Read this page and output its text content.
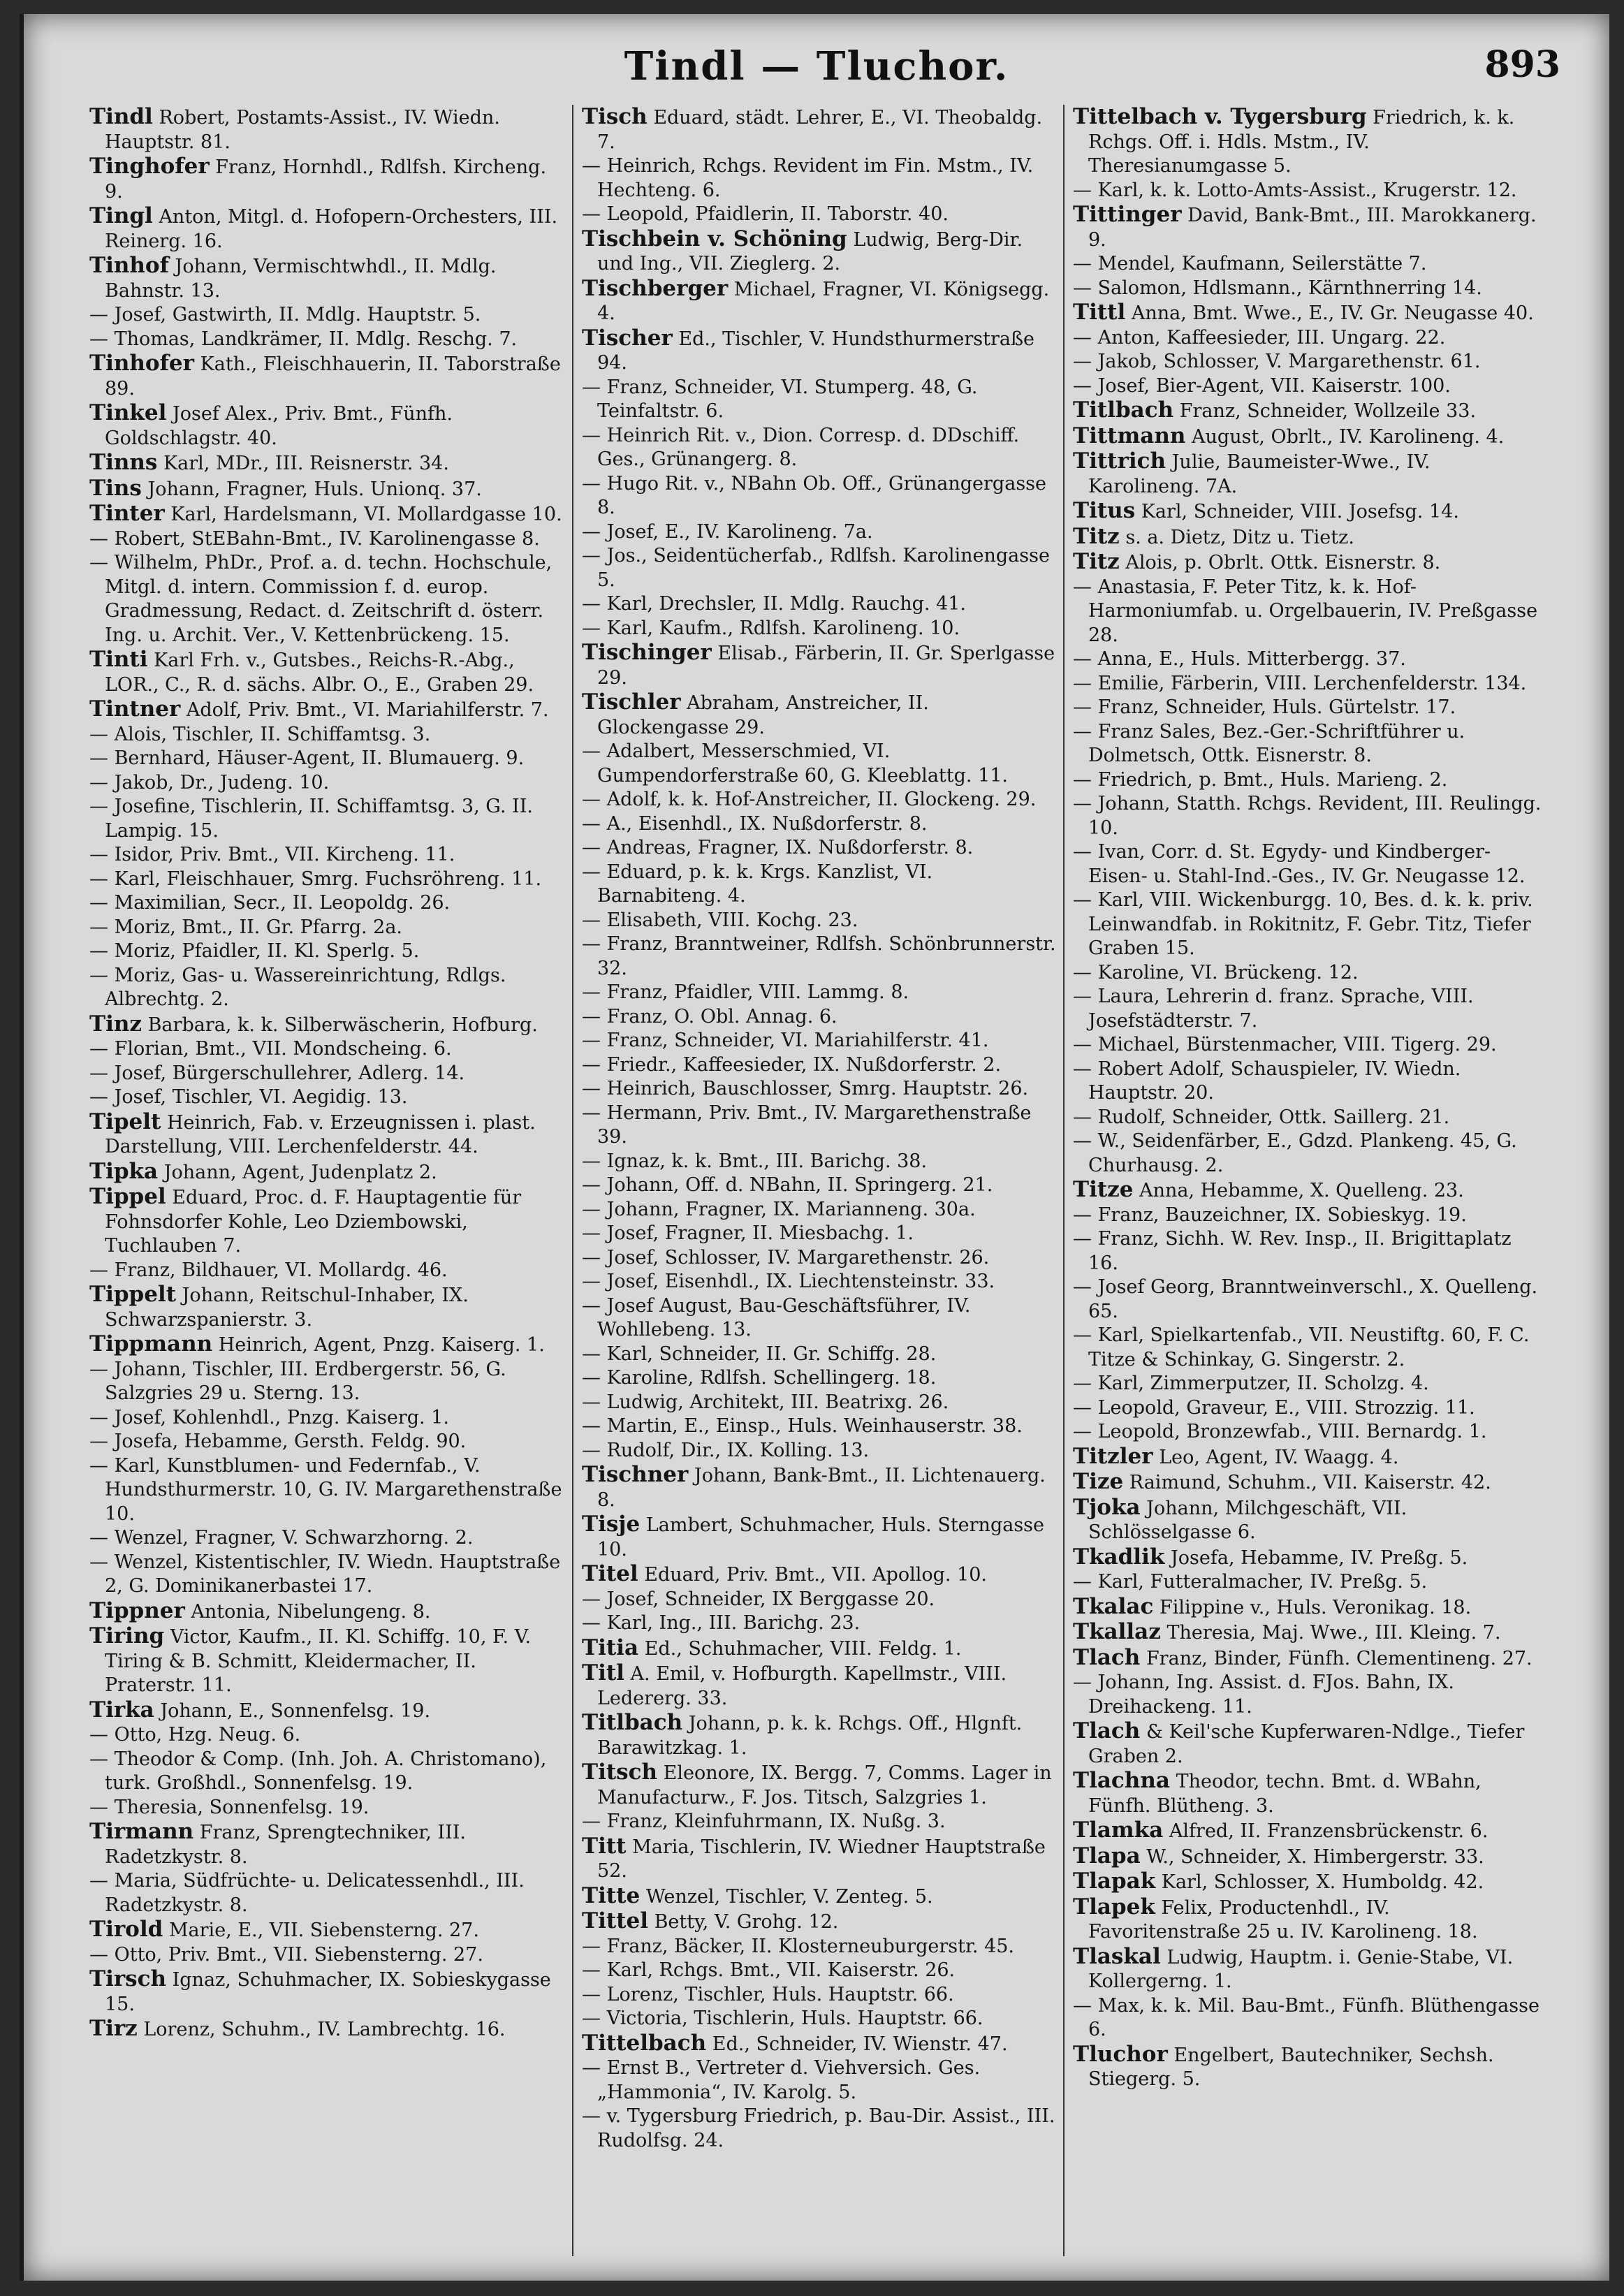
Tindl — Tluchor.	893

Tindl Robert, Postamts-Assist., IV. Wiedn. Hauptstr. 81.

Tinghofer Franz, Hornhdl., Rdlfsh. Kircheng. 9.

Tingl Anton, Mitgl. d. Hofopern-Orchesters, III. Reinerg. 16.

Tinhof Johann, Vermischtwhdl., II. Mdlg. Bahnstr. 13.

— Josef, Gastwirth, II. Mdlg. Hauptstr. 5.

— Thomas, Landkrämer, II. Mdlg. Reschg. 7.

Tinhofer Kath., Fleischhauerin, II. Taborstraße 89.

Tinkel Josef Alex., Priv. Bmt., Fünfh. Goldschlagstr. 40.

Tinns Karl, MDr., III. Reisnerstr. 34.

Tins Johann, Fragner, Huls. Unionq. 37.

Tinter Karl, Hardelsmann, VI. Mollardgasse 10.

— Robert, StEBahn-Bmt., IV. Karolinengasse 8.

— Wilhelm, PhDr., Prof. a. d. techn. Hochschule, Mitgl. d. intern. Commission f. d. europ. Gradmessung, Redact. d. Zeitschrift d. österr. Ing. u. Archit. Ver., V. Kettenbrückeng. 15.

Tinti Karl Frh. v., Gutsbes., Reichs-R.-Abg., LOR., C., R. d. sächs. Albr. O., E., Graben 29.

Tintner Adolf, Priv. Bmt., VI. Mariahilferstr. 7.

— Alois, Tischler, II. Schiffamtsg. 3.

— Bernhard, Häuser-Agent, II. Blumauerg. 9.

— Jakob, Dr., Judeng. 10.

— Josefine, Tischlerin, II. Schiffamtsg. 3, G. II. Lampig. 15.

— Isidor, Priv. Bmt., VII. Kircheng. 11.

— Karl, Fleischhauer, Smrg. Fuchsröhreng. 11.

— Maximilian, Secr., II. Leopoldg. 26.

— Moriz, Bmt., II. Gr. Pfarrg. 2a.

— Moriz, Pfaidler, II. Kl. Sperlg. 5.

— Moriz, Gas- u. Wassereinrichtung, Rdlgs. Albrechtg. 2.

Tinz Barbara, k. k. Silberwäscherin, Hofburg.

— Florian, Bmt., VII. Mondscheing. 6.

— Josef, Bürgerschullehrer, Adlerg. 14.

— Josef, Tischler, VI. Aegidig. 13.

Tipelt Heinrich, Fab. v. Erzeugnissen i. plast. Darstellung, VIII. Lerchenfelderstr. 44.

Tipka Johann, Agent, Judenplatz 2.

Tippel Eduard, Proc. d. F. Hauptagentie für Fohnsdorfer Kohle, Leo Dziembowski, Tuchlauben 7.

— Franz, Bildhauer, VI. Mollardg. 46.

Tippelt Johann, Reitschul-Inhaber, IX. Schwarzspanierstr. 3.

Tippmann Heinrich, Agent, Pnzg. Kaiserg. 1.

— Johann, Tischler, III. Erdbergerstr. 56, G. Salzgries 29 u. Sterng. 13.

— Josef, Kohlenhdl., Pnzg. Kaiserg. 1.

— Josefa, Hebamme, Gersth. Feldg. 90.

— Karl, Kunstblumen- und Federnfab., V. Hundsthurmerstr. 10, G. IV. Margarethenstraße 10.

— Wenzel, Fragner, V. Schwarzhorng. 2.

— Wenzel, Kistentischler, IV. Wiedn. Hauptstraße 2, G. Dominikanerbastei 17.

Tippner Antonia, Nibelungeng. 8.

Tiring Victor, Kaufm., II. Kl. Schiffg. 10, F. V. Tiring & B. Schmitt, Kleidermacher, II. Praterstr. 11.

Tirka Johann, E., Sonnenfelsg. 19.

— Otto, Hzg. Neug. 6.

— Theodor & Comp. (Inh. Joh. A. Christomano), turk. Großhdl., Sonnenfelsg. 19.

— Theresia, Sonnenfelsg. 19.

Tirmann Franz, Sprengtechniker, III. Radetzkystr. 8.

— Maria, Südfrüchte- u. Delicatessenhdl., III. Radetzkystr. 8.

Tirold Marie, E., VII. Siebensterng. 27.

— Otto, Priv. Bmt., VII. Siebensterng. 27.

Tirsch Ignaz, Schuhmacher, IX. Sobieskygasse 15.

Tirz Lorenz, Schuhm., IV. Lambrechtg. 16.

Tisch Eduard, städt. Lehrer, E., VI. Theobaldg. 7.

— Heinrich, Rchgs. Revident im Fin. Mstm., IV. Hechteng. 6.

— Leopold, Pfaidlerin, II. Taborstr. 40.

Tischbein v. Schöning Ludwig, Berg-Dir. und Ing., VII. Zieglerg. 2.

Tischberger Michael, Fragner, VI. Königsegg. 4.

Tischer Ed., Tischler, V. Hundsthurmerstraße 94.

— Franz, Schneider, VI. Stumperg. 48, G. Teinfaltstr. 6.

— Heinrich Rit. v., Dion. Corresp. d. DDschiff. Ges., Grünangerg. 8.

— Hugo Rit. v., NBahn Ob. Off., Grünangergasse 8.

— Josef, E., IV. Karolineng. 7a.

— Jos., Seidentücherfab., Rdlfsh. Karolinengasse 5.

— Karl, Drechsler, II. Mdlg. Rauchg. 41.

— Karl, Kaufm., Rdlfsh. Karolineng. 10.

Tischinger Elisab., Färberin, II. Gr. Sperlgasse 29.

Tischler Abraham, Anstreicher, II. Glockengasse 29.

— Adalbert, Messerschmied, VI. Gumpendorferstraße 60, G. Kleeblattg. 11.

— Adolf, k. k. Hof-Anstreicher, II. Glockeng. 29.

— A., Eisenhdl., IX. Nußdorferstr. 8.

— Andreas, Fragner, IX. Nußdorferstr. 8.

— Eduard, p. k. k. Krgs. Kanzlist, VI. Barnabiteng. 4.

— Elisabeth, VIII. Kochg. 23.

— Franz, Branntweiner, Rdlfsh. Schönbrunnerstr. 32.

— Franz, Pfaidler, VIII. Lammg. 8.

— Franz, O. Obl. Annag. 6.

— Franz, Schneider, VI. Mariahilferstr. 41.

— Friedr., Kaffeesieder, IX. Nußdorferstr. 2.

— Heinrich, Bauschlosser, Smrg. Hauptstr. 26.

— Hermann, Priv. Bmt., IV. Margarethenstraße 39.

— Ignaz, k. k. Bmt., III. Barichg. 38.

— Johann, Off. d. NBahn, II. Springerg. 21.

— Johann, Fragner, IX. Marianneng. 30a.

— Josef, Fragner, II. Miesbachg. 1.

— Josef, Schlosser, IV. Margarethenstr. 26.

— Josef, Eisenhdl., IX. Liechtensteinstr. 33.

— Josef August, Bau-Geschäftsführer, IV. Wohllebeng. 13.

— Karl, Schneider, II. Gr. Schiffg. 28.

— Karoline, Rdlfsh. Schellingerg. 18.

— Ludwig, Architekt, III. Beatrixg. 26.

— Martin, E., Einsp., Huls. Weinhauserstr. 38.

— Rudolf, Dir., IX. Kolling. 13.

Tischner Johann, Bank-Bmt., II. Lichtenauerg. 8.

Tisje Lambert, Schuhmacher, Huls. Sterngasse 10.

Titel Eduard, Priv. Bmt., VII. Apollog. 10.

— Josef, Schneider, IX Berggasse 20.

— Karl, Ing., III. Barichg. 23.

Titia Ed., Schuhmacher, VIII. Feldg. 1.

Titl A. Emil, v. Hofburgth. Kapellmstr., VIII. Ledererg. 33.

Titlbach Johann, p. k. k. Rchgs. Off., Hlgnft. Barawitzkag. 1.

Titsch Eleonore, IX. Bergg. 7, Comms. Lager in Manufacturw., F. Jos. Titsch, Salzgries 1.

— Franz, Kleinfuhrmann, IX. Nußg. 3.

Titt Maria, Tischlerin, IV. Wiedner Hauptstraße 52.

Titte Wenzel, Tischler, V. Zenteg. 5.

Tittel Betty, V. Grohg. 12.

— Franz, Bäcker, II. Klosterneuburgerstr. 45.

— Karl, Rchgs. Bmt., VII. Kaiserstr. 26.

— Lorenz, Tischler, Huls. Hauptstr. 66.

— Victoria, Tischlerin, Huls. Hauptstr. 66.

Tittelbach Ed., Schneider, IV. Wienstr. 47.

— Ernst B., Vertreter d. Viehversich. Ges. „Hammonia“, IV. Karolg. 5.

— v. Tygersburg Friedrich, p. Bau-Dir. Assist., III. Rudolfsg. 24.

Tittelbach v. Tygersburg Friedrich, k. k. Rchgs. Off. i. Hdls. Mstm., IV. Theresianumgasse 5.

— Karl, k. k. Lotto-Amts-Assist., Krugerstr. 12.

Tittinger David, Bank-Bmt., III. Marokkanerg. 9.

— Mendel, Kaufmann, Seilerstätte 7.

— Salomon, Hdlsmann., Kärnthnerring 14.

Tittl Anna, Bmt. Wwe., E., IV. Gr. Neugasse 40.

— Anton, Kaffeesieder, III. Ungarg. 22.

— Jakob, Schlosser, V. Margarethenstr. 61.

— Josef, Bier-Agent, VII. Kaiserstr. 100.

Titlbach Franz, Schneider, Wollzeile 33.

Tittmann August, Obrlt., IV. Karolineng. 4.

Tittrich Julie, Baumeister-Wwe., IV. Karolineng. 7A.

Titus Karl, Schneider, VIII. Josefsg. 14.

Titz s. a. Dietz, Ditz u. Tietz.

Titz Alois, p. Obrlt. Ottk. Eisnerstr. 8.

— Anastasia, F. Peter Titz, k. k. Hof-Harmoniumfab. u. Orgelbauerin, IV. Preßgasse 28.

— Anna, E., Huls. Mitterbergg. 37.

— Emilie, Färberin, VIII. Lerchenfelderstr. 134.

— Franz, Schneider, Huls. Gürtelstr. 17.

— Franz Sales, Bez.-Ger.-Schriftführer u. Dolmetsch, Ottk. Eisnerstr. 8.

— Friedrich, p. Bmt., Huls. Marieng. 2.

— Johann, Statth. Rchgs. Revident, III. Reulingg. 10.

— Ivan, Corr. d. St. Egydy- und Kindberger-Eisen- u. Stahl-Ind.-Ges., IV. Gr. Neugasse 12.

— Karl, VIII. Wickenburgg. 10, Bes. d. k. k. priv. Leinwandfab. in Rokitnitz, F. Gebr. Titz, Tiefer Graben 15.

— Karoline, VI. Brückeng. 12.

— Laura, Lehrerin d. franz. Sprache, VIII. Josefstädterstr. 7.

— Michael, Bürstenmacher, VIII. Tigerg. 29.

— Robert Adolf, Schauspieler, IV. Wiedn. Hauptstr. 20.

— Rudolf, Schneider, Ottk. Saillerg. 21.

— W., Seidenfärber, E., Gdzd. Plankeng. 45, G. Churhausg. 2.

Titze Anna, Hebamme, X. Quelleng. 23.

— Franz, Bauzeichner, IX. Sobieskyg. 19.

— Franz, Sichh. W. Rev. Insp., II. Brigittaplatz 16.

— Josef Georg, Branntweinverschl., X. Quelleng. 65.

— Karl, Spielkartenfab., VII. Neustiftg. 60, F. C. Titze & Schinkay, G. Singerstr. 2.

— Karl, Zimmerputzer, II. Scholzg. 4.

— Leopold, Graveur, E., VIII. Strozzig. 11.

— Leopold, Bronzewfab., VIII. Bernardg. 1.

Titzler Leo, Agent, IV. Waagg. 4.

Tize Raimund, Schuhm., VII. Kaiserstr. 42.

Tjoka Johann, Milchgeschäft, VII. Schlösselgasse 6.

Tkadlik Josefa, Hebamme, IV. Preßg. 5.

— Karl, Futteralmacher, IV. Preßg. 5.

Tkalac Filippine v., Huls. Veronikag. 18.

Tkallaz Theresia, Maj. Wwe., III. Kleing. 7.

Tlach Franz, Binder, Fünfh. Clementineng. 27.

— Johann, Ing. Assist. d. FJos. Bahn, IX. Dreihackeng. 11.

Tlach & Keil'sche Kupferwaren-Ndlge., Tiefer Graben 2.

Tlachna Theodor, techn. Bmt. d. WBahn, Fünfh. Blütheng. 3.

Tlamka Alfred, II. Franzensbrückenstr. 6.

Tlapa W., Schneider, X. Himbergerstr. 33.

Tlapak Karl, Schlosser, X. Humboldg. 42.

Tlapek Felix, Productenhdl., IV. Favoritenstraße 25 u. IV. Karolineng. 18.

Tlaskal Ludwig, Hauptm. i. Genie-Stabe, VI. Kollergerng. 1.

— Max, k. k. Mil. Bau-Bmt., Fünfh. Blüthengasse 6.

Tluchor Engelbert, Bautechniker, Sechsh. Stiegerg. 5.
